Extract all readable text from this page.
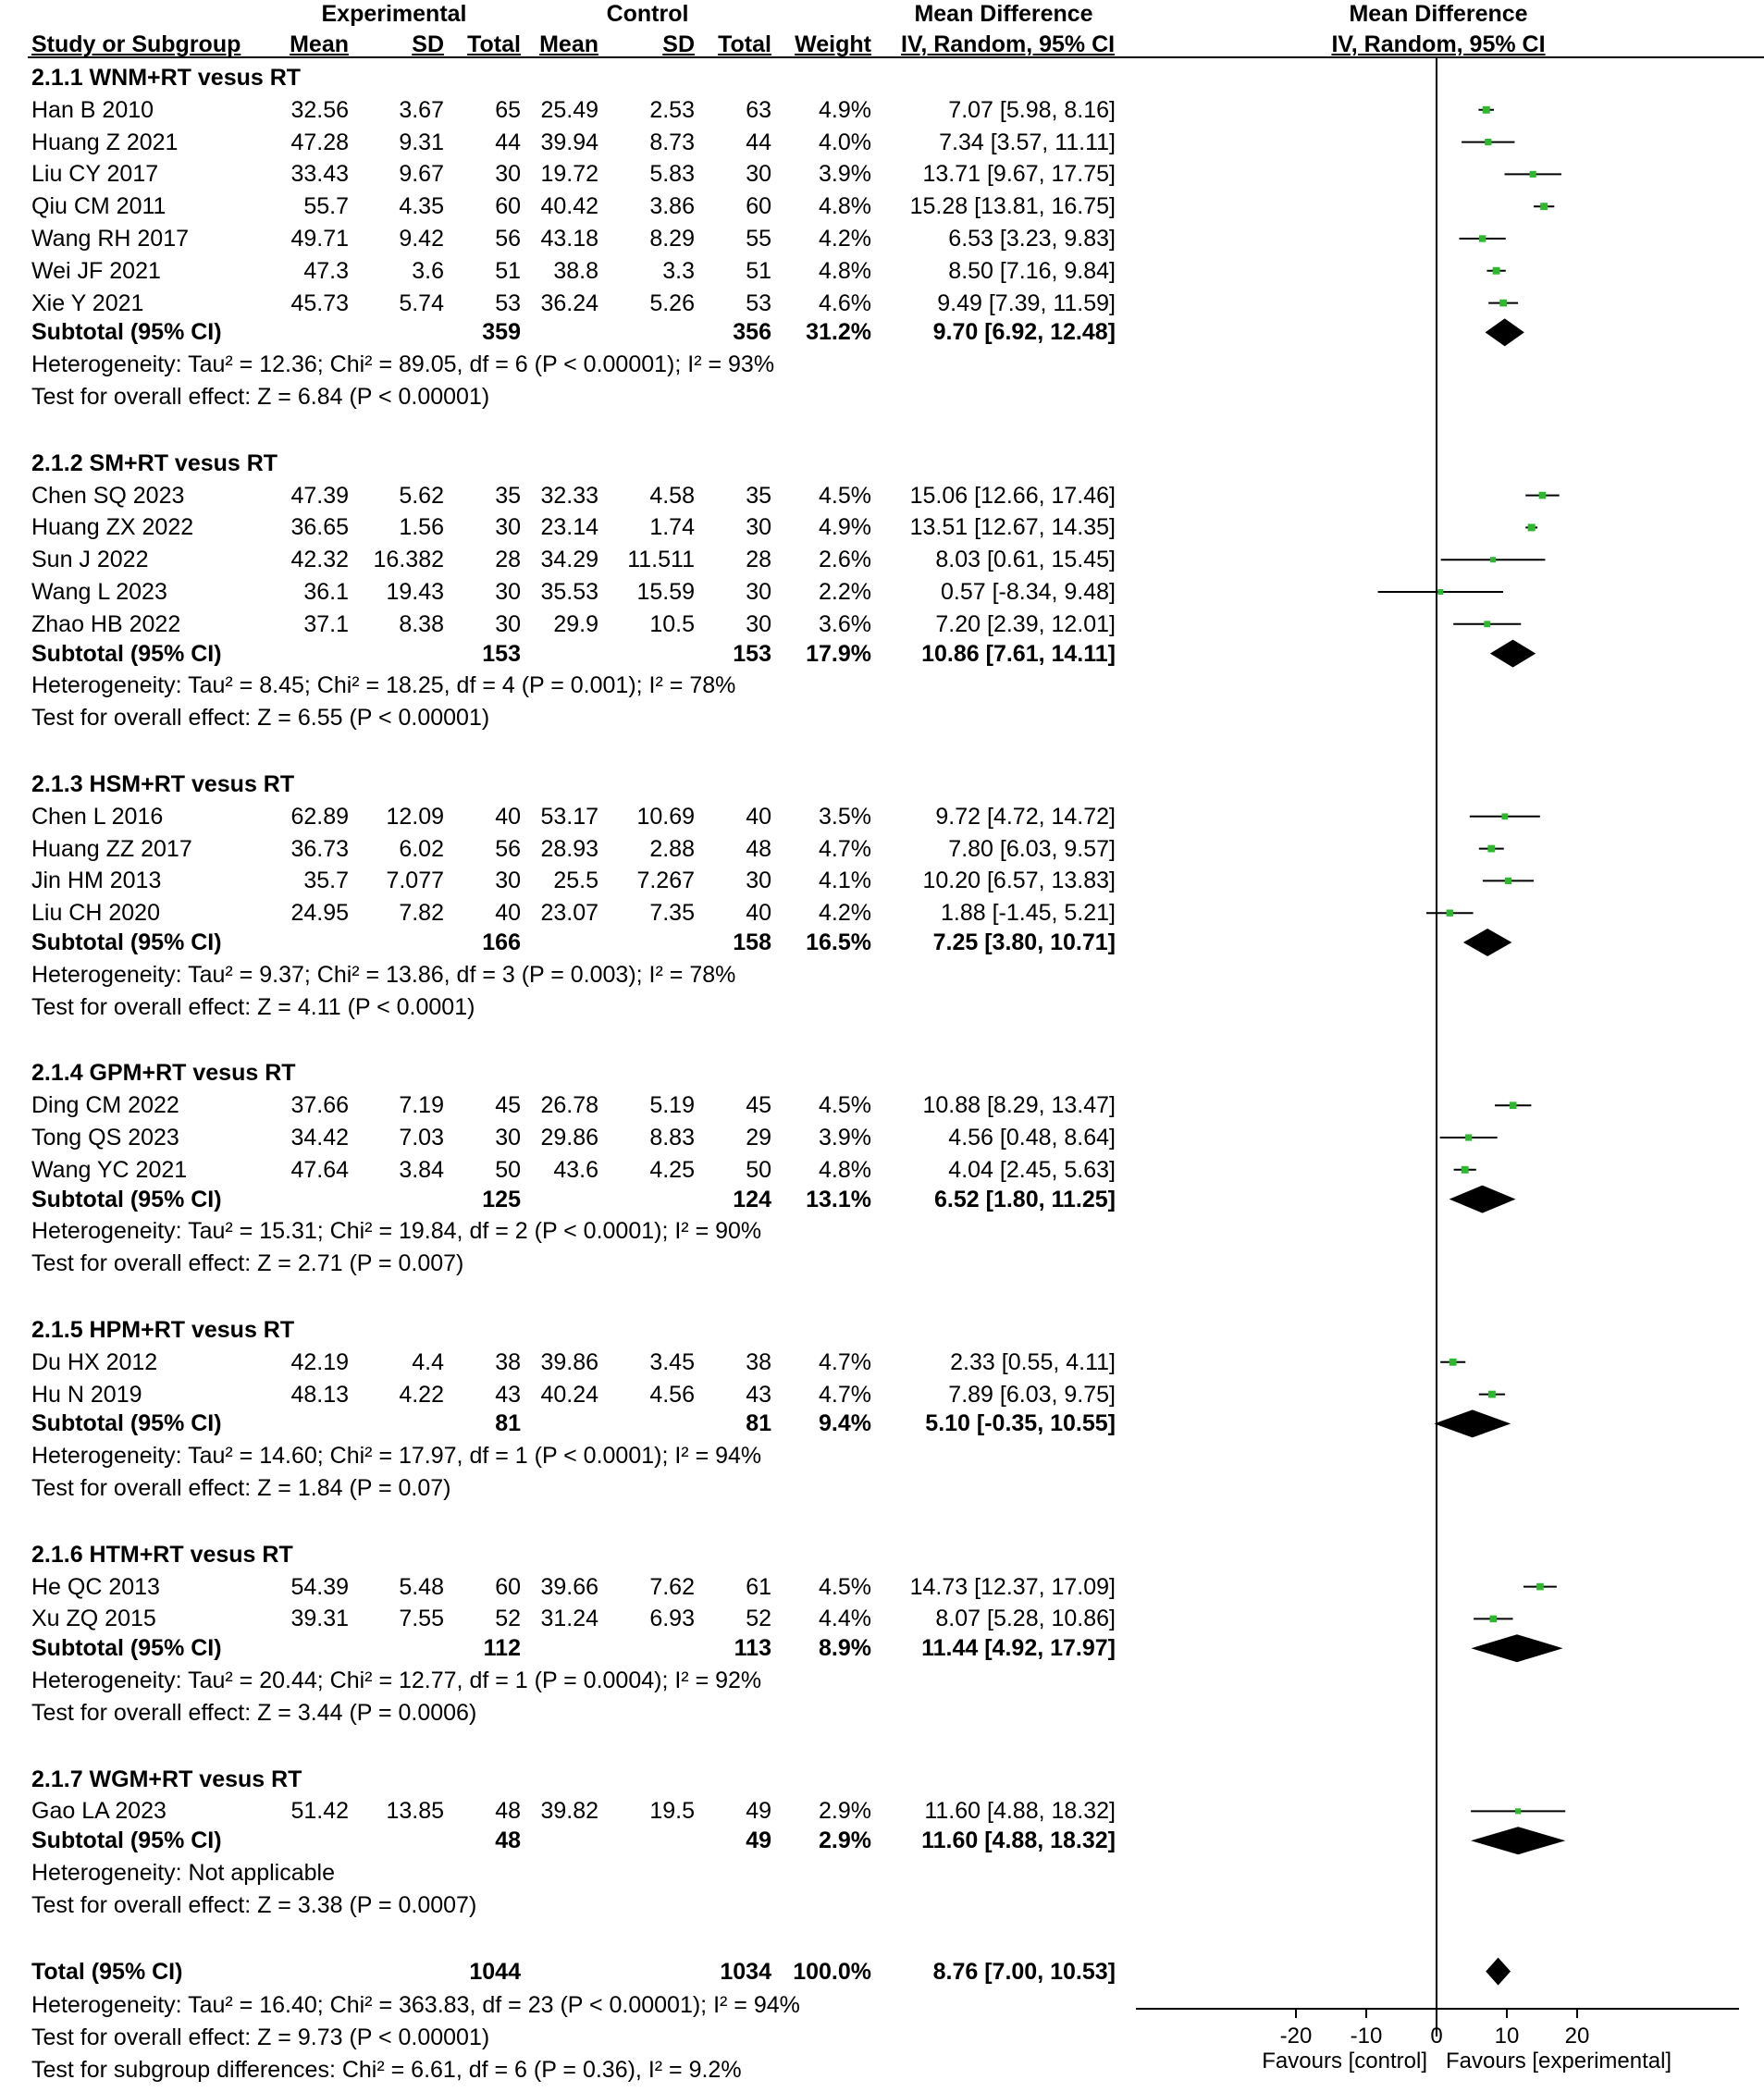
Experimental	Control	Mean Difference	Mean Difference
Study or Subgroup	Mean	SD	Total Mean	SD	Total	Weight IV, Random, 95% CI	IV, Random, 95% CI
-20 -10 0 10 20
Favours [control] Favours [experimental]
2.1.1 WNM+RT vesus RT
Han B 2010	32.56	3.67	65 25.49	2.53	63	4.9%	7.07 [5.98, 8.16]
Huang Z 2021	47.28	9.31	44 39.94	8.73	44	4.0%	7.34 [3.57, 11.11]
Liu CY 2017	33.43	9.67	30 19.72	5.83	30	3.9%	13.71 [9.67, 17.75]
Qiu CM 2011	55.7	4.35	60 40.42	3.86	60	4.8%	15.28 [13.81, 16.75]
Wang RH 2017	49.71	9.42	56 43.18	8.29	55	4.2%	6.53 [3.23, 9.83]
Wei JF 2021	47.3	3.6	51	38.8	3.3	51	4.8%	8.50 [7.16, 9.84]
Xie Y 2021	45.73	5.74	53 36.24	5.26	53	4.6%	9.49 [7.39, 11.59]
Subtotal (95% CI)	359	356	31.2%	9.70 [6.92, 12.48]
Heterogeneity: Tau² = 12.36; Chi² = 89.05, df = 6 (P < 0.00001); I² = 93%
Test for overall effect: Z = 6.84 (P < 0.00001)
2.1.2 SM+RT vesus RT
Chen SQ 2023	47.39	5.62	35 32.33	4.58	35	4.5%	15.06 [12.66, 17.46]
Huang ZX 2022	36.65	1.56	30 23.14	1.74	30	4.9%	13.51 [12.67, 14.35]
Sun J 2022	42.32	16.382	28 34.29	11.511	28	2.6%	8.03 [0.61, 15.45]
Wang L 2023	36.1	19.43	30 35.53	15.59	30	2.2%	0.57 [-8.34, 9.48]
Zhao HB 2022	37.1	8.38	30	29.9	10.5	30	3.6%	7.20 [2.39, 12.01]
Subtotal (95% CI)	153	153	17.9%	10.86 [7.61, 14.11]
Heterogeneity: Tau² = 8.45; Chi² = 18.25, df = 4 (P = 0.001); I² = 78%
Test for overall effect: Z = 6.55 (P < 0.00001)
2.1.3 HSM+RT vesus RT
Chen L 2016	62.89	12.09	40 53.17	10.69	40	3.5%	9.72 [4.72, 14.72]
Huang ZZ 2017	36.73	6.02	56 28.93	2.88	48	4.7%	7.80 [6.03, 9.57]
Jin HM 2013	35.7	7.077	30	25.5	7.267	30	4.1%	10.20 [6.57, 13.83]
Liu CH 2020	24.95	7.82	40 23.07	7.35	40	4.2%	1.88 [-1.45, 5.21]
Subtotal (95% CI)	166	158	16.5%	7.25 [3.80, 10.71]
Heterogeneity: Tau² = 9.37; Chi² = 13.86, df = 3 (P = 0.003); I² = 78%
Test for overall effect: Z = 4.11 (P < 0.0001)
2.1.4 GPM+RT vesus RT
Ding CM 2022	37.66	7.19	45 26.78	5.19	45	4.5%	10.88 [8.29, 13.47]
Tong QS 2023	34.42	7.03	30 29.86	8.83	29	3.9%	4.56 [0.48, 8.64]
Wang YC 2021	47.64	3.84	50	43.6	4.25	50	4.8%	4.04 [2.45, 5.63]
Subtotal (95% CI)	125	124	13.1%	6.52 [1.80, 11.25]
Heterogeneity: Tau² = 15.31; Chi² = 19.84, df = 2 (P < 0.0001); I² = 90%
Test for overall effect: Z = 2.71 (P = 0.007)
2.1.5 HPM+RT vesus RT
Du HX 2012	42.19	4.4	38 39.86	3.45	38	4.7%	2.33 [0.55, 4.11]
Hu N 2019	48.13	4.22	43 40.24	4.56	43	4.7%	7.89 [6.03, 9.75]
Subtotal (95% CI)	81	81	9.4%	5.10 [-0.35, 10.55]
Heterogeneity: Tau² = 14.60; Chi² = 17.97, df = 1 (P < 0.0001); I² = 94%
Test for overall effect: Z = 1.84 (P = 0.07)
2.1.6 HTM+RT vesus RT
He QC 2013	54.39	5.48	60 39.66	7.62	61	4.5%	14.73 [12.37, 17.09]
Xu ZQ 2015	39.31	7.55	52 31.24	6.93	52	4.4%	8.07 [5.28, 10.86]
Subtotal (95% CI)	112	113	8.9%	11.44 [4.92, 17.97]
Heterogeneity: Tau² = 20.44; Chi² = 12.77, df = 1 (P = 0.0004); I² = 92%
Test for overall effect: Z = 3.44 (P = 0.0006)
2.1.7 WGM+RT vesus RT
Gao LA 2023	51.42	13.85	48 39.82	19.5	49	2.9%	11.60 [4.88, 18.32]
Subtotal (95% CI)	48	49	2.9%	11.60 [4.88, 18.32]
Heterogeneity: Not applicable
Test for overall effect: Z = 3.38 (P = 0.0007)
Total (95% CI)	1044	1034 100.0%	8.76 [7.00, 10.53]
Heterogeneity: Tau² = 16.40; Chi² = 363.83, df = 23 (P < 0.00001); I² = 94%
Test for overall effect: Z = 9.73 (P < 0.00001)
Test for subgroup differences: Chi² = 6.61, df = 6 (P = 0.36), I² = 9.2%
